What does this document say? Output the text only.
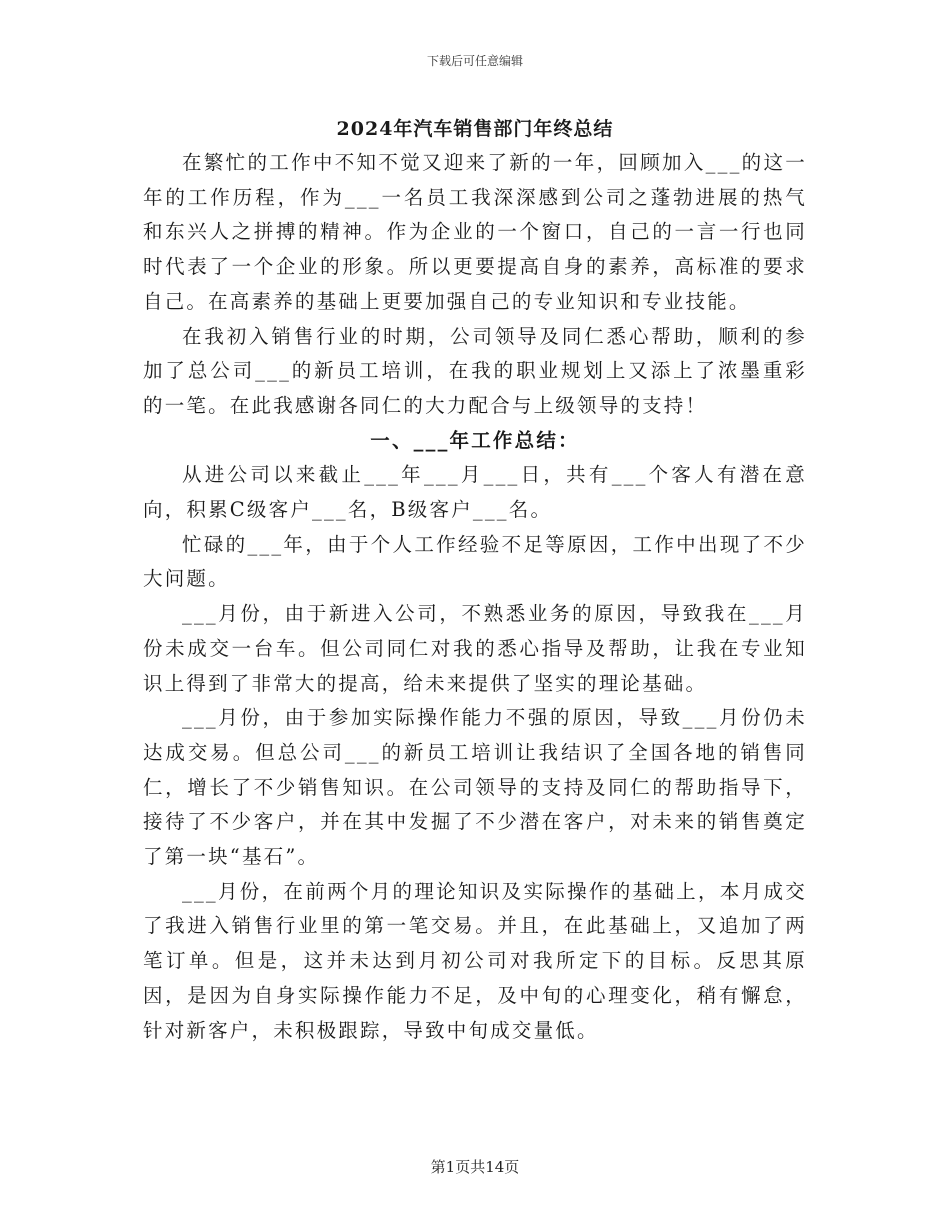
下载后可任意编辑
2024年汽车销售部门年终总结

在繁忙的工作中不知不觉又迎来了新的一年，回顾加入___的这一年的工作历程，作为___一名员工我深深感到公司之蓬勃进展的热气和东兴人之拼搏的精神。作为企业的一个窗口，自己的一言一行也同时代表了一个企业的形象。所以更要提高自身的素养，高标准的要求自己。在高素养的基础上更要加强自己的专业知识和专业技能。

在我初入销售行业的时期，公司领导及同仁悉心帮助，顺利的参加了总公司___的新员工培训，在我的职业规划上又添上了浓墨重彩的一笔。在此我感谢各同仁的大力配合与上级领导的支持！

一、___年工作总结：

从进公司以来截止___年___月___日，共有___个客人有潜在意向，积累C级客户___名，B级客户___名。

忙碌的___年，由于个人工作经验不足等原因，工作中出现了不少大问题。

___月份，由于新进入公司，不熟悉业务的原因，导致我在___月份未成交一台车。但公司同仁对我的悉心指导及帮助，让我在专业知识上得到了非常大的提高，给未来提供了坚实的理论基础。

___月份，由于参加实际操作能力不强的原因，导致___月份仍未达成交易。但总公司___的新员工培训让我结识了全国各地的销售同仁，增长了不少销售知识。在公司领导的支持及同仁的帮助指导下，接待了不少客户，并在其中发掘了不少潜在客户，对未来的销售奠定了第一块“基石”。

___月份，在前两个月的理论知识及实际操作的基础上，本月成交了我进入销售行业里的第一笔交易。并且，在此基础上，又追加了两笔订单。但是，这并未达到月初公司对我所定下的目标。反思其原因，是因为自身实际操作能力不足，及中旬的心理变化，稍有懈怠，针对新客户，未积极跟踪，导致中旬成交量低。

第1页共14页
